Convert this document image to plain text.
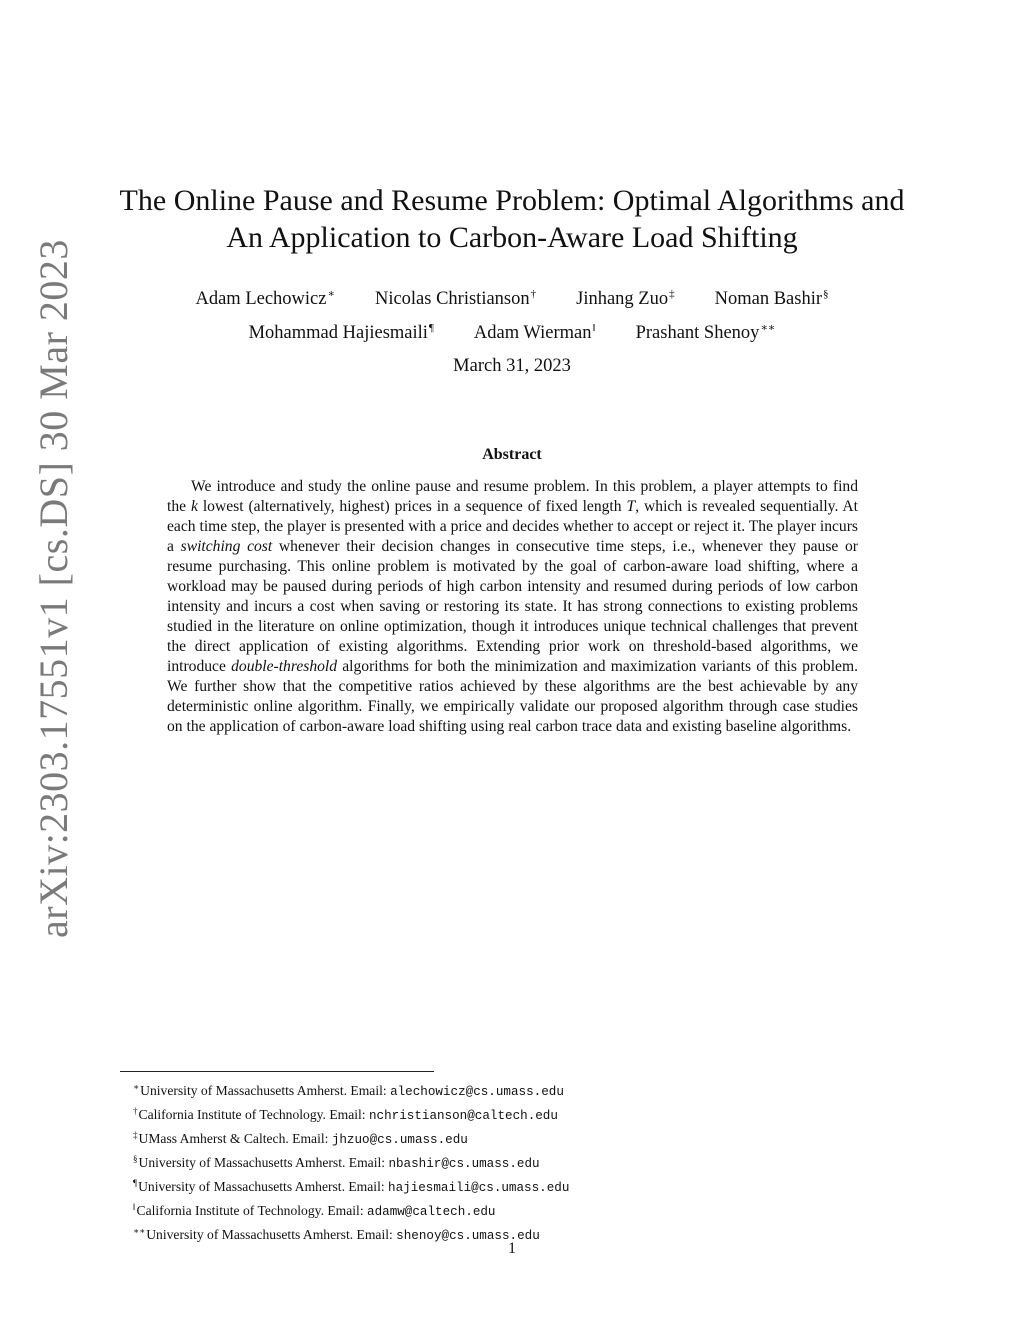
arXiv:2303.17551v1 [cs.DS] 30 Mar 2023
The Online Pause and Resume Problem: Optimal Algorithms and An Application to Carbon-Aware Load Shifting
Adam Lechowicz∗ Nicolas Christianson† Jinhang Zuo‡ Noman Bashir§
Mohammad Hajiesmaili¶ Adam Wierman‖ Prashant Shenoy∗∗
March 31, 2023
Abstract

We introduce and study the online pause and resume problem. In this problem, a player attempts to find the k lowest (alternatively, highest) prices in a sequence of fixed length T, which is revealed sequentially. At each time step, the player is presented with a price and decides whether to accept or reject it. The player incurs a switching cost whenever their decision changes in consecutive time steps, i.e., whenever they pause or resume purchasing. This online problem is motivated by the goal of carbon-aware load shifting, where a workload may be paused during periods of high carbon intensity and resumed during periods of low carbon intensity and incurs a cost when saving or restoring its state. It has strong connections to existing problems studied in the literature on online optimization, though it introduces unique technical challenges that prevent the direct application of existing algorithms. Extending prior work on threshold-based algorithms, we introduce double-threshold algorithms for both the minimization and maximization variants of this problem. We further show that the competitive ratios achieved by these algorithms are the best achievable by any deterministic online algorithm. Finally, we empirically validate our proposed algorithm through case studies on the application of carbon-aware load shifting using real carbon trace data and existing baseline algorithms.

∗University of Massachusetts Amherst. Email: alechowicz@cs.umass.edu
†California Institute of Technology. Email: nchristianson@caltech.edu
‡UMass Amherst & Caltech. Email: jhzuo@cs.umass.edu
§University of Massachusetts Amherst. Email: nbashir@cs.umass.edu
¶University of Massachusetts Amherst. Email: hajiesmaili@cs.umass.edu
‖California Institute of Technology. Email: adamw@caltech.edu
∗∗University of Massachusetts Amherst. Email: shenoy@cs.umass.edu
1
